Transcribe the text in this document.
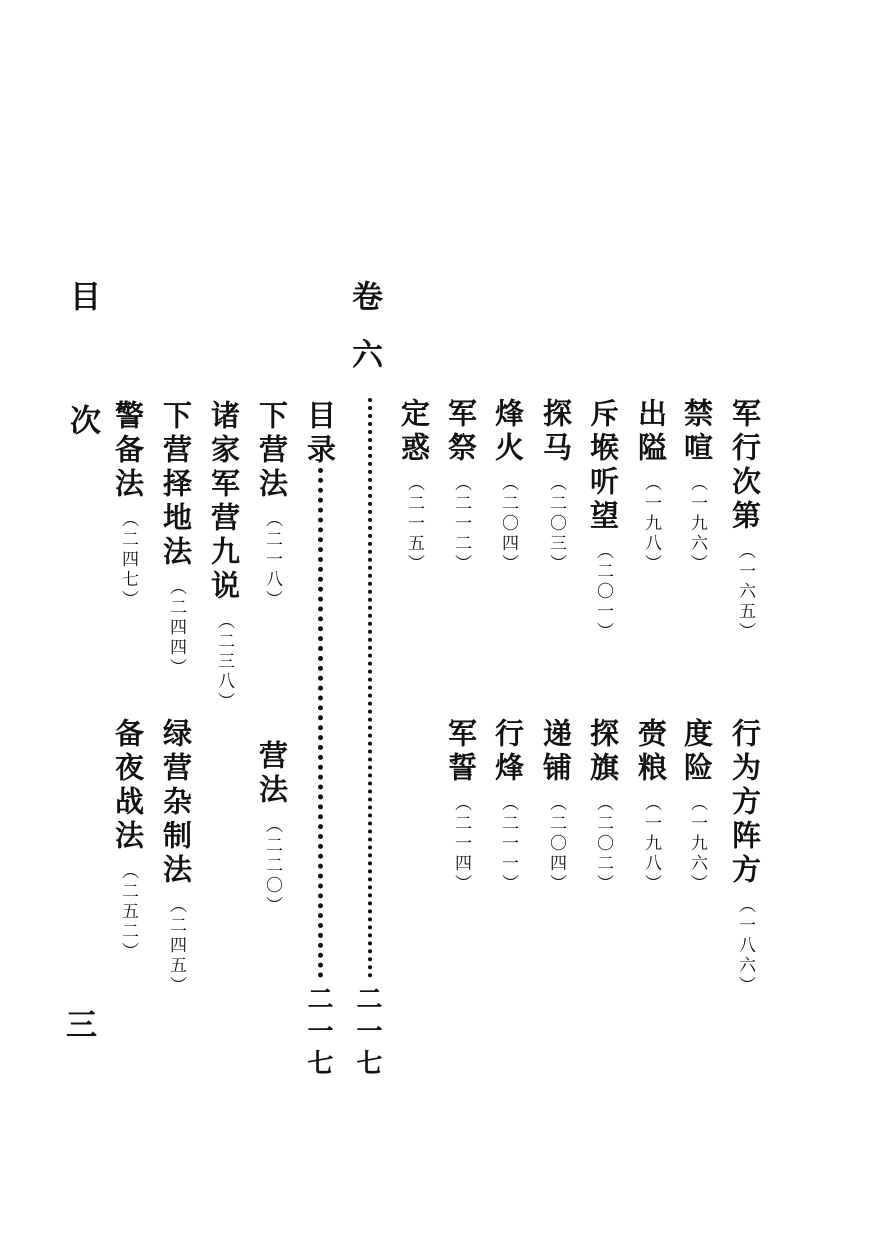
卷
六
目
次	军行次第（一六五）
禁喧（一九六）
出隘（一九八）
斥堠听望（二〇一）
探马（二〇三）
烽火（二〇四）
军祭（二一二）
定惑（二一五）
行为方阵方（一八六）
度险（一九六）
赍粮（一九八）
探旗（二〇二）
递铺（二〇四）
行烽（二一一）
军誓（二一四）
二一七
目录
二一七
下营法（二一八）
诸家军营九说（二三八）
下营择地法（二四四）
警备法（二四七）
营法（二二〇）
绿营杂制法（二四五）
备夜战法（二五二）
三
